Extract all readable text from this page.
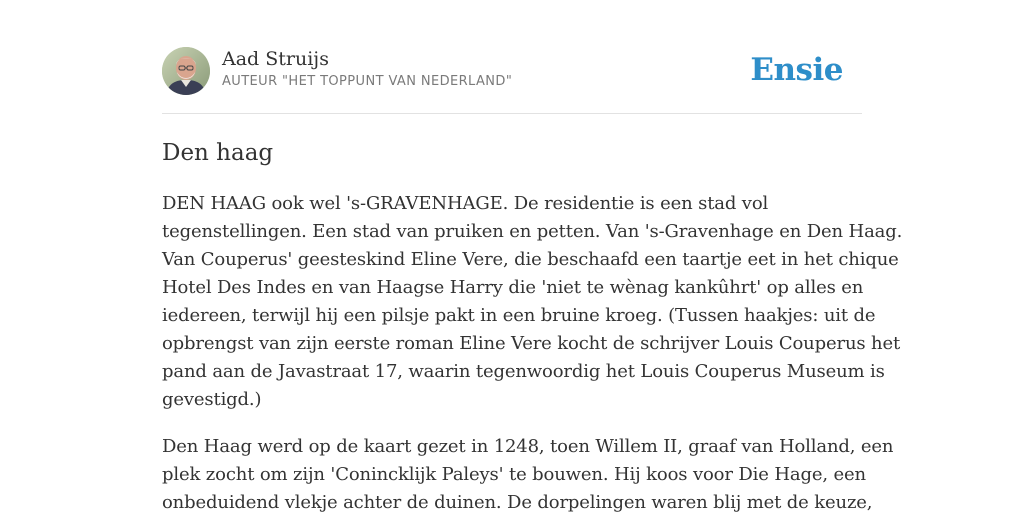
Aad Struijs
AUTEUR "HET TOPPUNT VAN NEDERLAND"	Ensie
Den haag

DEN HAAG ook wel 's-GRAVENHAGE. De residentie is een stad vol
tegenstellingen. Een stad van pruiken en petten. Van 's-Gravenhage en Den Haag.
Van Couperus' geesteskind Eline Vere, die beschaafd een taartje eet in het chique
Hotel Des Indes en van Haagse Harry die 'niet te wènag kankûhrt' op alles en
iedereen, terwijl hij een pilsje pakt in een bruine kroeg. (Tussen haakjes: uit de
opbrengst van zijn eerste roman Eline Vere kocht de schrijver Louis Couperus het
pand aan de Javastraat 17, waarin tegenwoordig het Louis Couperus Museum is
gevestigd.)

Den Haag werd op de kaart gezet in 1248, toen Willem II, graaf van Holland, een
plek zocht om zijn 'Conincklijk Paleys' te bouwen. Hij koos voor Die Hage, een
onbeduidend vlekje achter de duinen. De dorpelingen waren blij met de keuze,
